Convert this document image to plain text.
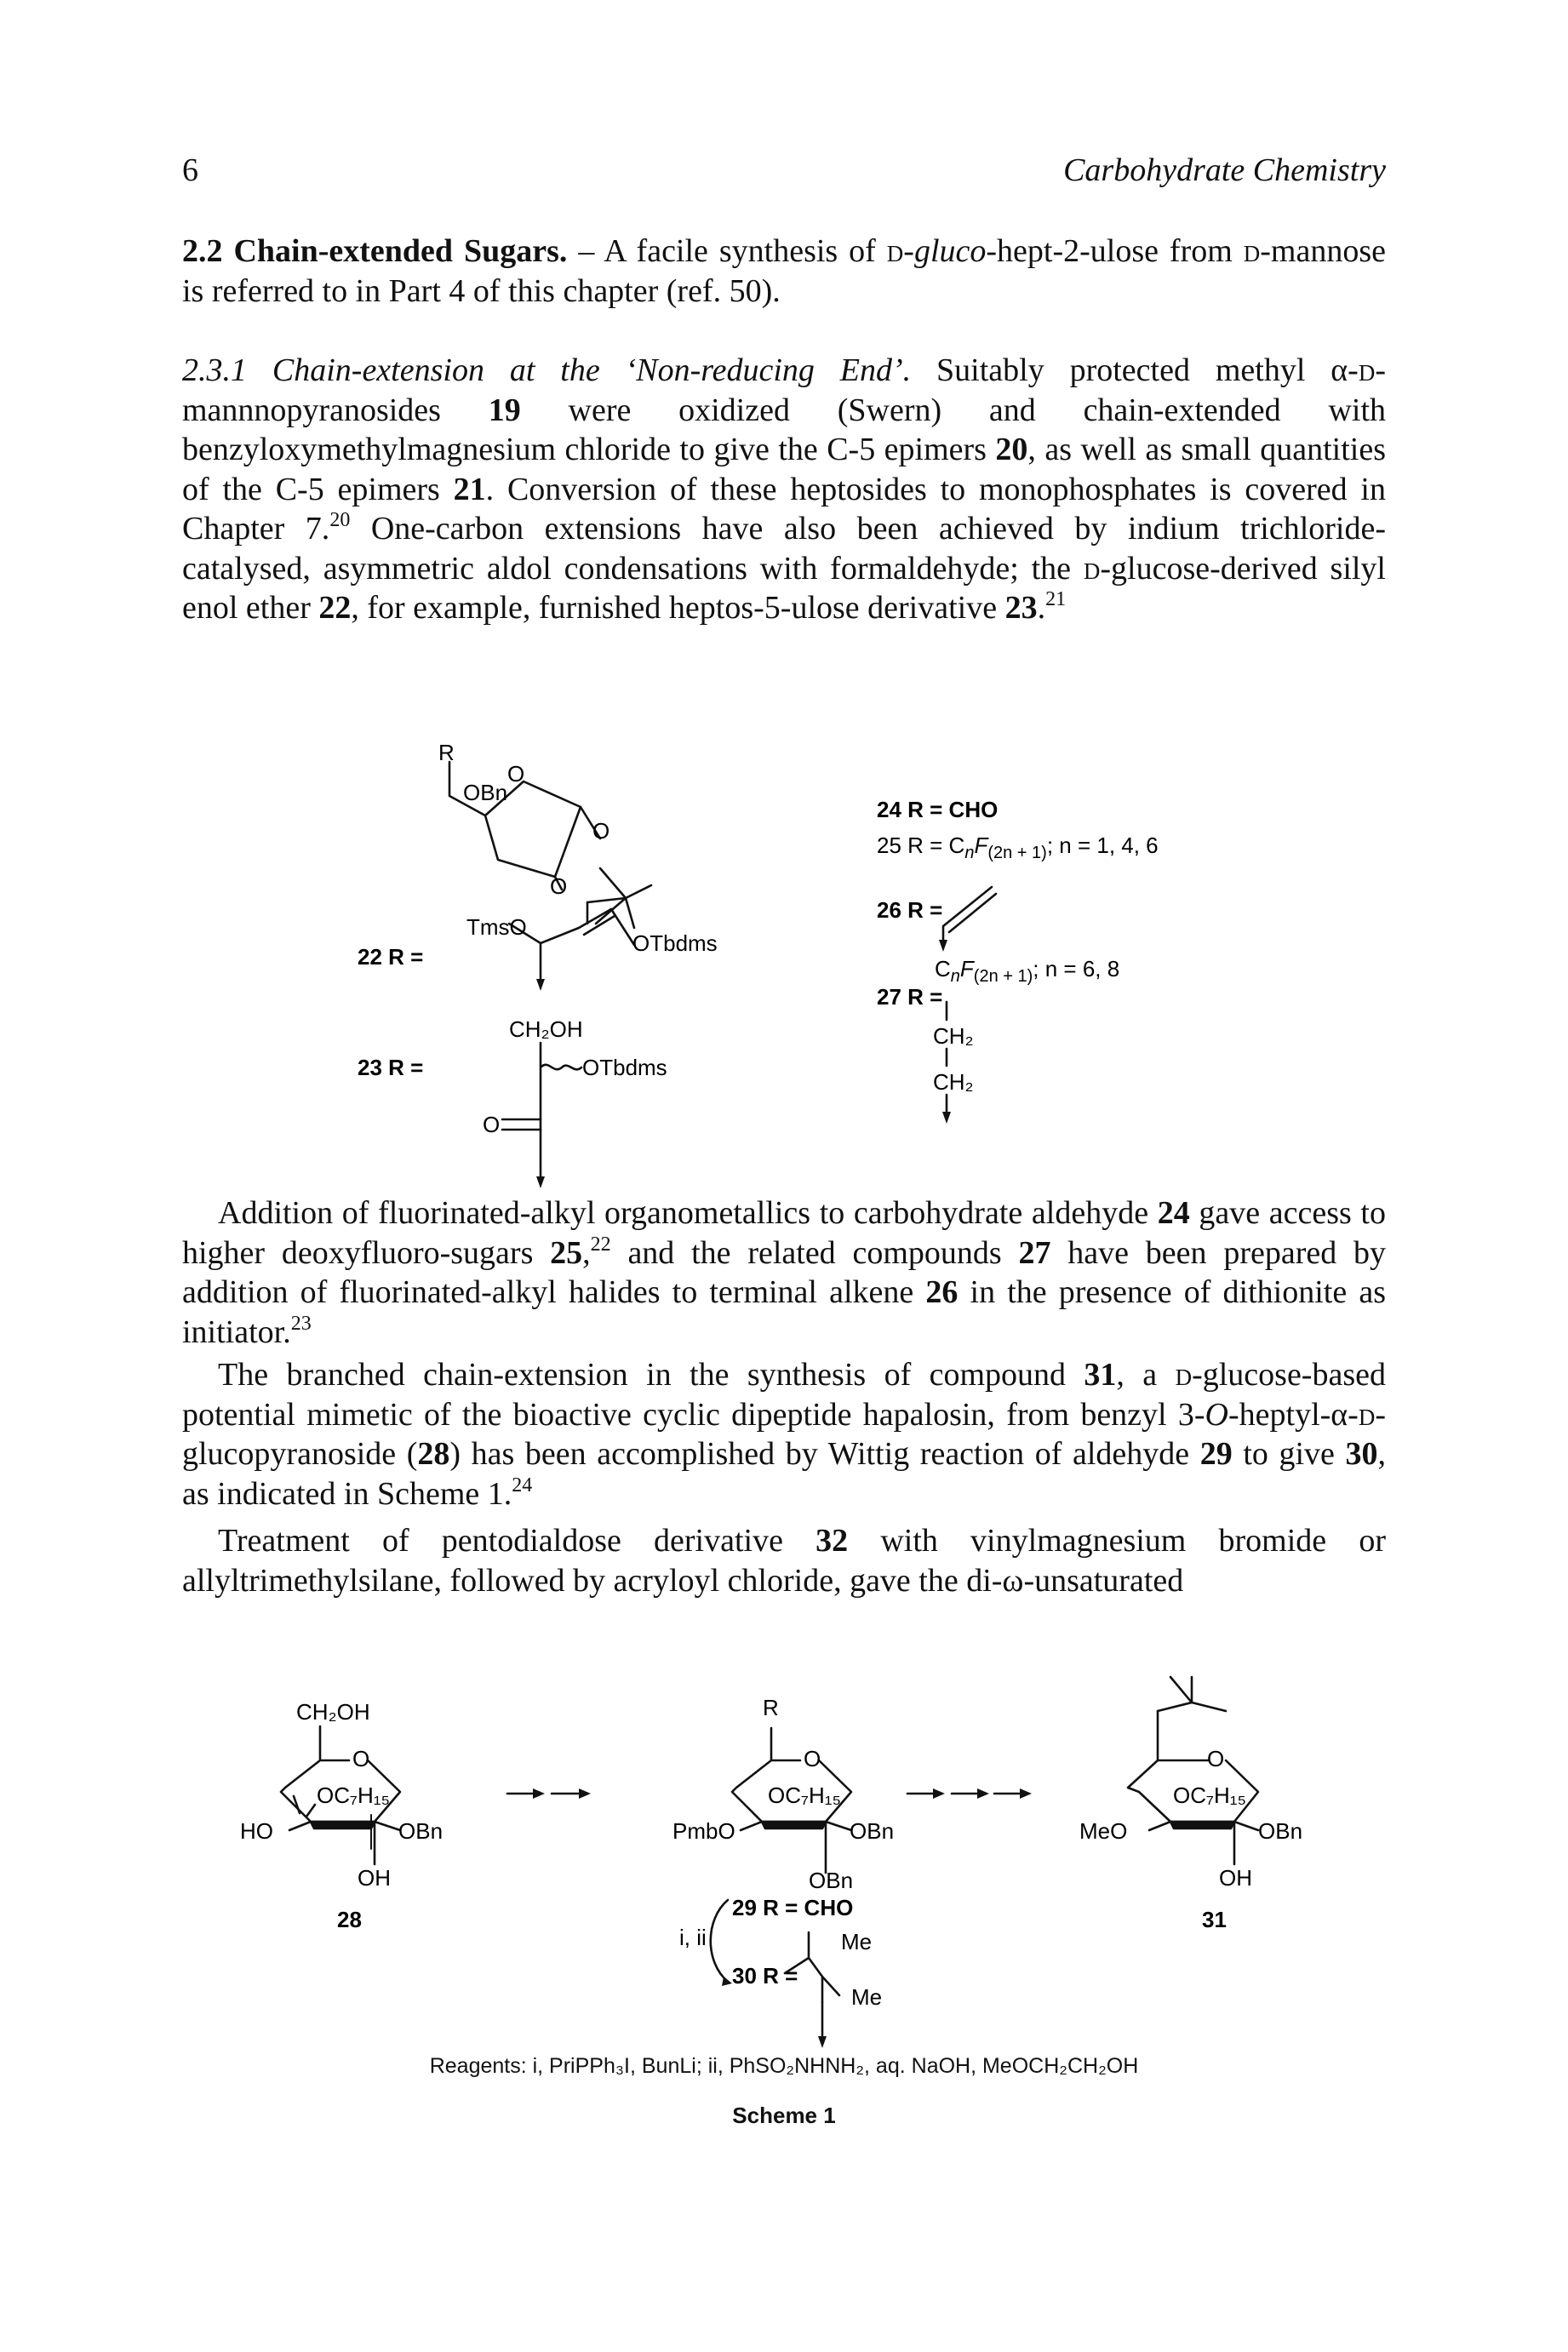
6	Carbohydrate Chemistry

2.2 Chain-extended Sugars. – A facile synthesis of d-gluco-hept-2-ulose from d-mannose is referred to in Part 4 of this chapter (ref. 50).

2.3.1 Chain-extension at the ‘Non-reducing End’. Suitably protected methyl α-d-mannnopyranosides 19 were oxidized (Swern) and chain-extended with benzyloxymethylmagnesium chloride to give the C-5 epimers 20, as well as small quantities of the C-5 epimers 21. Conversion of these heptosides to monophosphates is covered in Chapter 7.20 One-carbon extensions have also been achieved by indium trichloride-catalysed, asymmetric aldol condensations with formaldehyde; the d-glucose-derived silyl enol ether 22, for example, furnished heptos-5-ulose derivative 23.21

R
O
OBn
O
O
TmsO
OTbdms
22 R =
CH₂OH
23 R =	OTbdms
O
24 R = CHO
25 $R = C_nF_{(2n + 1)}$; n = 1, 4, 6
26 R =
$C_nF_{(2n + 1)}$; n = 6, 8
27 R =
CH₂
CH₂

Addition of fluorinated-alkyl organometallics to carbohydrate aldehyde 24 gave access to higher deoxyfluoro-sugars 25,22 and the related compounds 27 have been prepared by addition of fluorinated-alkyl halides to terminal alkene 26 in the presence of dithionite as initiator.$^{23}$

The branched chain-extension in the synthesis of compound 31, a d-glucose-based potential mimetic of the bioactive cyclic dipeptide hapalosin, from benzyl 3-O-heptyl-α-d-glucopyranoside (28) has been accomplished by Wittig reaction of aldehyde 29 to give 30, as indicated in Scheme 1.24

Treatment of pentodialdose derivative 32 with vinylmagnesium bromide or allyltrimethylsilane, followed by acryloyl chloride, gave the di-ω-unsaturated

CH₂OH
O
OC₇H₁₅
HO	OBn
OH
28
R
O
OC₇H₁₅
PmbO	OBn
OBn
29 R = CHO
i, ii	Me
30 R =
Me
O
OC₇H₁₅
MeO	OBn
OH
31
Reagents: i, PriPPh₃I, BunLi; ii, PhSO₂NHNH₂, aq. NaOH, MeOCH₂CH₂OH
Scheme 1
